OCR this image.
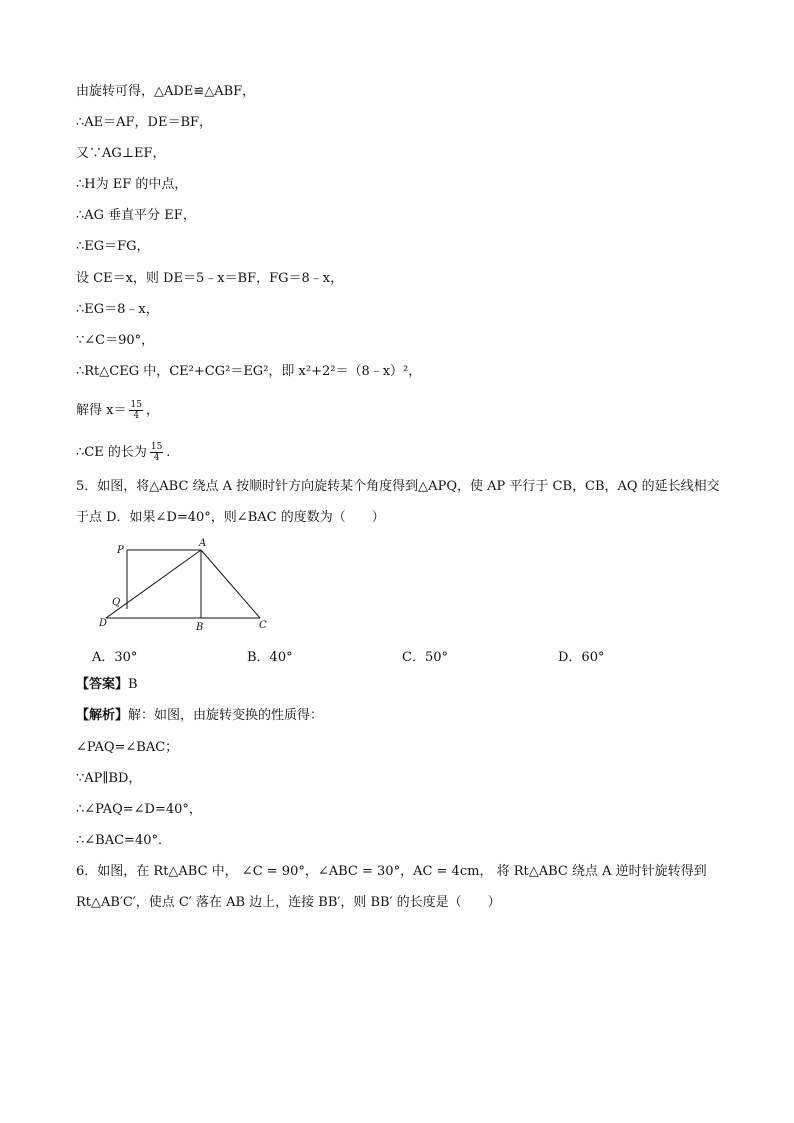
由旋转可得，△ADE≌△ABF，
∴AE＝AF，DE＝BF，
又∵AG⊥EF，
∴H为 EF 的中点，
∴AG 垂直平分 EF，
∴EG＝FG，
设 CE＝x，则 DE＝5﹣x＝BF，FG＝8﹣x，
∴EG＝8﹣x，
∵∠C＝90°，
∴Rt△CEG 中，CE²+CG²＝EG²，即 x²+2²＝（8﹣x）²，
解得 $x= \frac{15}{4}$ ，
∴CE 的长为 $\frac{15}{4}$ .
5．如图，将△ABC 绕点 A 按顺时针方向旋转某个角度得到△APQ，使 AP 平行于 CB，CB，AQ 的延长线相交
于点 D．如果∠D=40°，则∠BAC 的度数为（　　）
P
A
Q
D	B	C
A．30°	B．40°	C．50°	D．60°
【答案】B
【解析】解：如图，由旋转变换的性质得：
∠PAQ=∠BAC；
∵AP∥BD，
∴∠PAQ=∠D=40°，
∴∠BAC=40°．
6．如图，在 Rt△ABC 中， ∠C = 90°，∠ABC = 30°，AC = 4cm， 将 Rt△ABC 绕点 A 逆时针旋转得到
Rt△AB′C′，使点 C′ 落在 AB 边上，连接 BB′，则 BB′ 的长度是（　　）
